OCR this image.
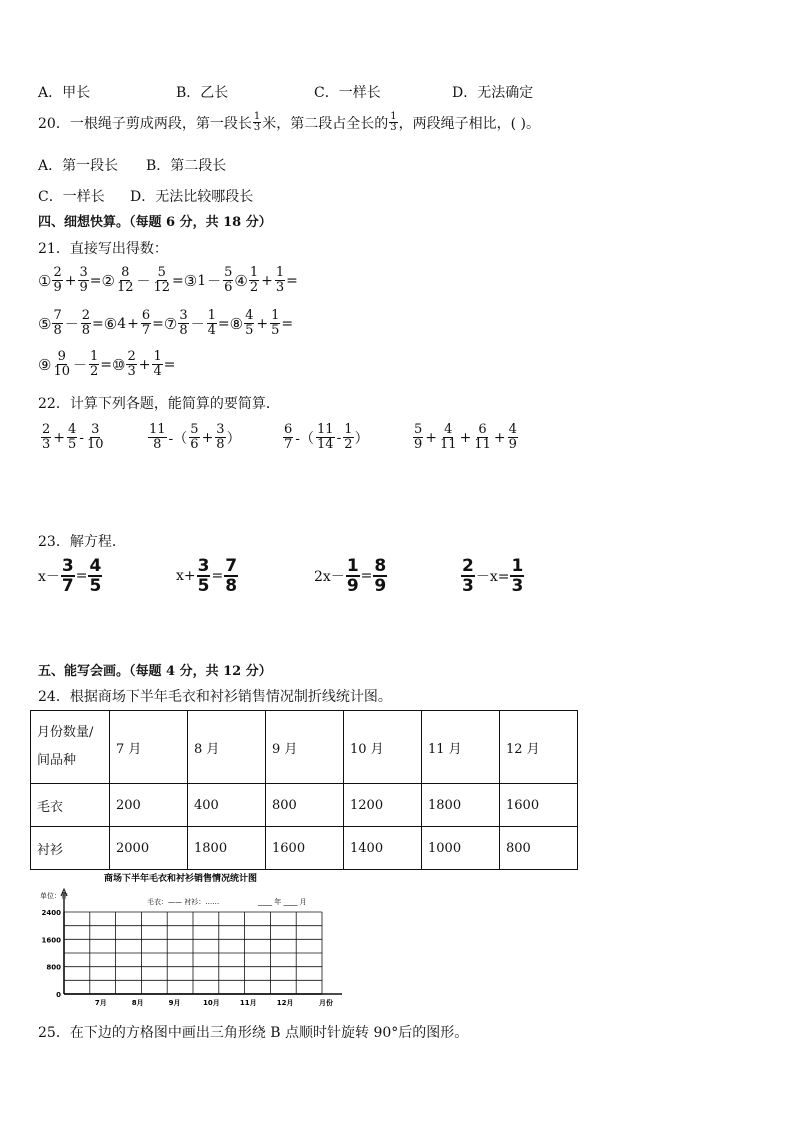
A．甲长	B．乙长	C．一样长	D．无法确定
20．一根绳子剪成两段，第一段长 $\frac{1}{3}$ 米，第二段占全长的 $\frac{1}{3}$ ，两段绳子相比，( )。
A．第一段长 B．第二段长
C．一样长 D．无法比较哪段长
四、细想快算。（每题 6 分，共 18 分）
21．直接写出得数：
① $\frac{2}{9} + \frac{3}{9}$ = ② $\frac{8}{12} - \frac{5}{12}$ = ③ $1 - \frac{5}{6}$ ④ $\frac{1}{2} + \frac{1}{3}$ =
⑤ $\frac{7}{8} - \frac{2}{8}$ = ⑥ $4 + \frac{6}{7}$ = ⑦ $\frac{3}{8} - \frac{1}{4}$ = ⑧ $\frac{4}{5} + \frac{1}{5}$ =
⑨ $\frac{9}{10} - \frac{1}{2}$ = ⑩ $\frac{2}{3} + \frac{1}{4}$ =
22．计算下列各题，能简算的要简算．
$\frac{2}{3} + \frac{4}{5} - \frac{3}{10}$	$\frac{11}{8}$ -（ $\frac{5}{6} + \frac{3}{8}$ ）	$\frac{6}{7}$ -（ $\frac{11}{14} - \frac{1}{2}$ ）	$\frac{5}{9} + \frac{4}{11} + \frac{6}{11} + \frac{4}{9}$
23．解方程．
$x- \frac{3}{7} = \frac{4}{5}$	$x+ \frac{3}{5} = \frac{7}{8}$	$2x- \frac{1}{9} = \frac{8}{9}$	$\frac{2}{3} -x= \frac{1}{3}$
五、能写会画。（每题 4 分，共 12 分）
24．根据商场下半年毛衣和衬衫销售情况制折线统计图。
月份数量/
间品种	7 月	8 月	9 月	10 月	11 月	12 月
毛衣	200	400	800	1200	1800	1600
衬衫	2000	1800	1600	1400	1000	800
商场下半年毛衣和衬衫销售情况统计图
单位：件
毛衣：—— 衬衫：……	____ 年 ____ 月
0
800
1600
2400
7月	8月	9月	10月	11月	12月	月份
25．在下边的方格图中画出三角形绕 B 点顺时针旋转 90°后的图形。
